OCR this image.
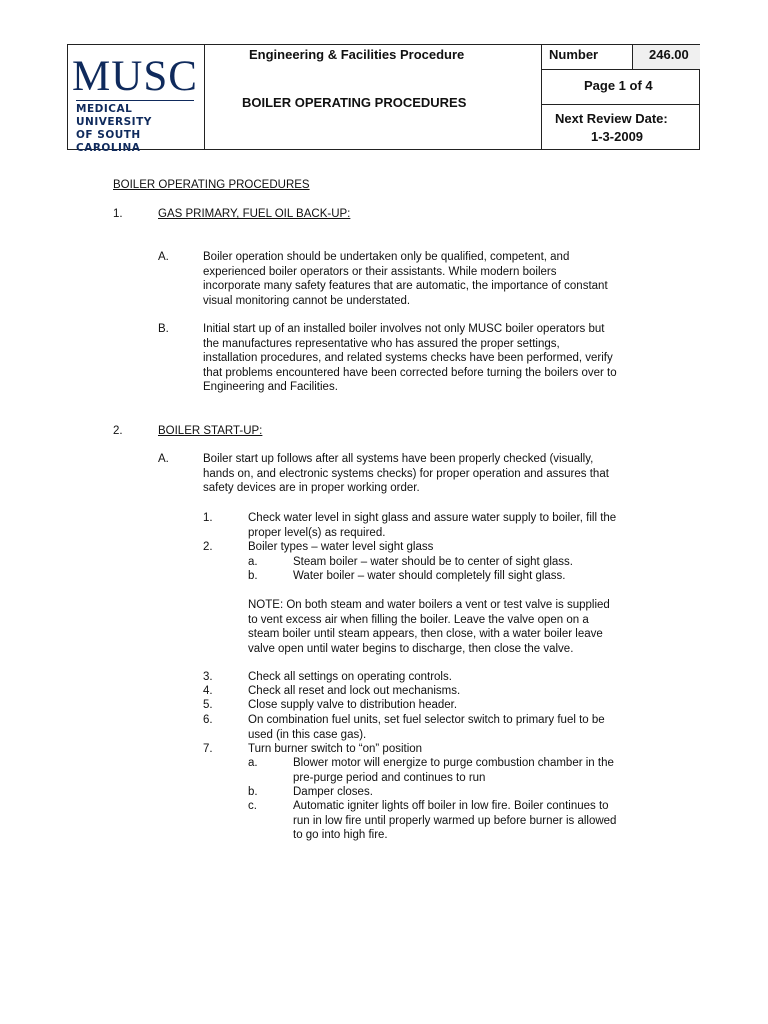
MUSC
MEDICAL UNIVERSITY
OF SOUTH CAROLINA
Engineering & Facilities Procedure
BOILER OPERATING PROCEDURES
Number	246.00
Page 1 of 4
Next Review Date:
1-3-2009
BOILER OPERATING PROCEDURES
1.	GAS PRIMARY, FUEL OIL BACK-UP:
A.	Boiler operation should be undertaken only be qualified, competent, and
experienced boiler operators or their assistants. While modern boilers
incorporate many safety features that are automatic, the importance of constant
visual monitoring cannot be understated.
B.	Initial start up of an installed boiler involves not only MUSC boiler operators but
the manufactures representative who has assured the proper settings,
installation procedures, and related systems checks have been performed, verify
that problems encountered have been corrected before turning the boilers over to
Engineering and Facilities.
2.	BOILER START-UP:
A.	Boiler start up follows after all systems have been properly checked (visually,
hands on, and electronic systems checks) for proper operation and assures that
safety devices are in proper working order.
1.	Check water level in sight glass and assure water supply to boiler, fill the
proper level(s) as required.
2.	Boiler types – water level sight glass
a.	Steam boiler – water should be to center of sight glass.
b.	Water boiler – water should completely fill sight glass.
NOTE: On both steam and water boilers a vent or test valve is supplied
to vent excess air when filling the boiler. Leave the valve open on a
steam boiler until steam appears, then close, with a water boiler leave
valve open until water begins to discharge, then close the valve.
3.	Check all settings on operating controls.
4.	Check all reset and lock out mechanisms.
5.	Close supply valve to distribution header.
6.	On combination fuel units, set fuel selector switch to primary fuel to be
used (in this case gas).
7.	Turn burner switch to “on” position
a.	Blower motor will energize to purge combustion chamber in the
pre-purge period and continues to run
b.	Damper closes.
c.	Automatic igniter lights off boiler in low fire. Boiler continues to
run in low fire until properly warmed up before burner is allowed
to go into high fire.
